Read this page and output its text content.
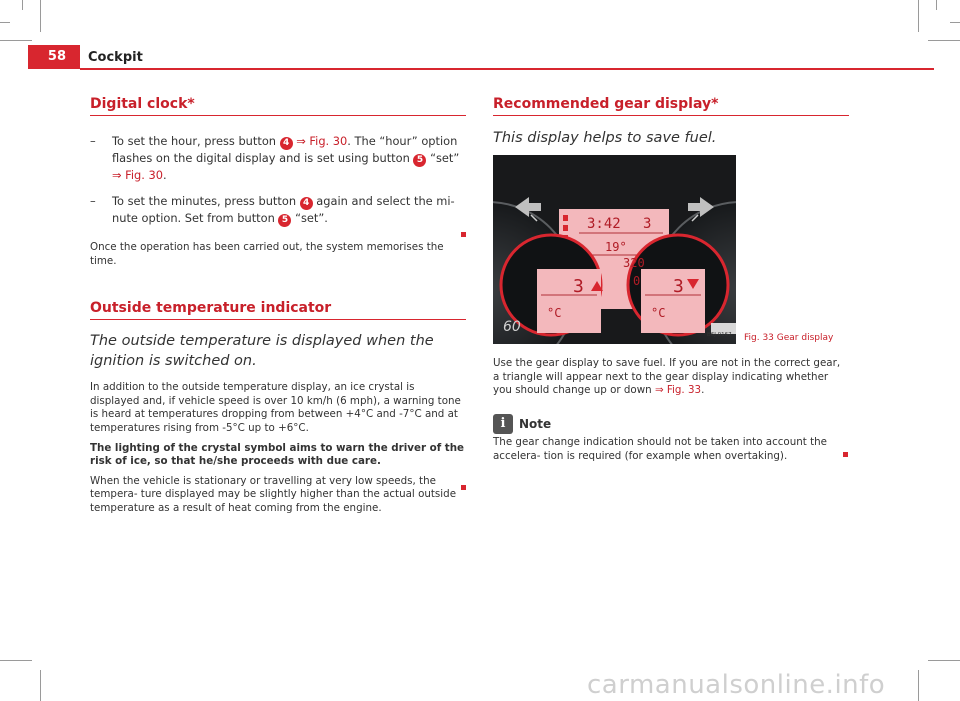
58	Cockpit
Digital clock*
– To set the hour, press button 4 ⇒ Fig. 30. The “hour” option flashes on the digital display and is set using button 5 “set” ⇒ Fig. 30.
– To set the minutes, press button 4 again and select the mi- nute option. Set from button 5 “set”.
Once the operation has been carried out, the system memorises the time.
Outside temperature indicator
The outside temperature is displayed when the ignition is switched on.
In addition to the outside temperature display, an ice crystal is displayed and, if vehicle speed is over 10 km/h (6 mph), a warning tone is heard at temperatures dropping from between +4°C and -7°C and at temperatures rising from -5°C up to +6°C.
The lighting of the crystal symbol aims to warn the driver of the risk of ice, so that he/she proceeds with due care.
When the vehicle is stationary or travelling at very low speeds, the tempera- ture displayed may be slightly higher than the actual outside temperature as a result of heat coming from the engine.
Recommended gear display*
This display helps to save fuel.
3:42 3
19°
320
0
3	3
°C	°C
60	B6J-0167 Fig. 33 Gear display
Use the gear display to save fuel. If you are not in the correct gear, a triangle will appear next to the gear display indicating whether you should change up or down ⇒ Fig. 33.
i Note
The gear change indication should not be taken into account the accelera- tion is required (for example when overtaking).
carmanualsonline.info
